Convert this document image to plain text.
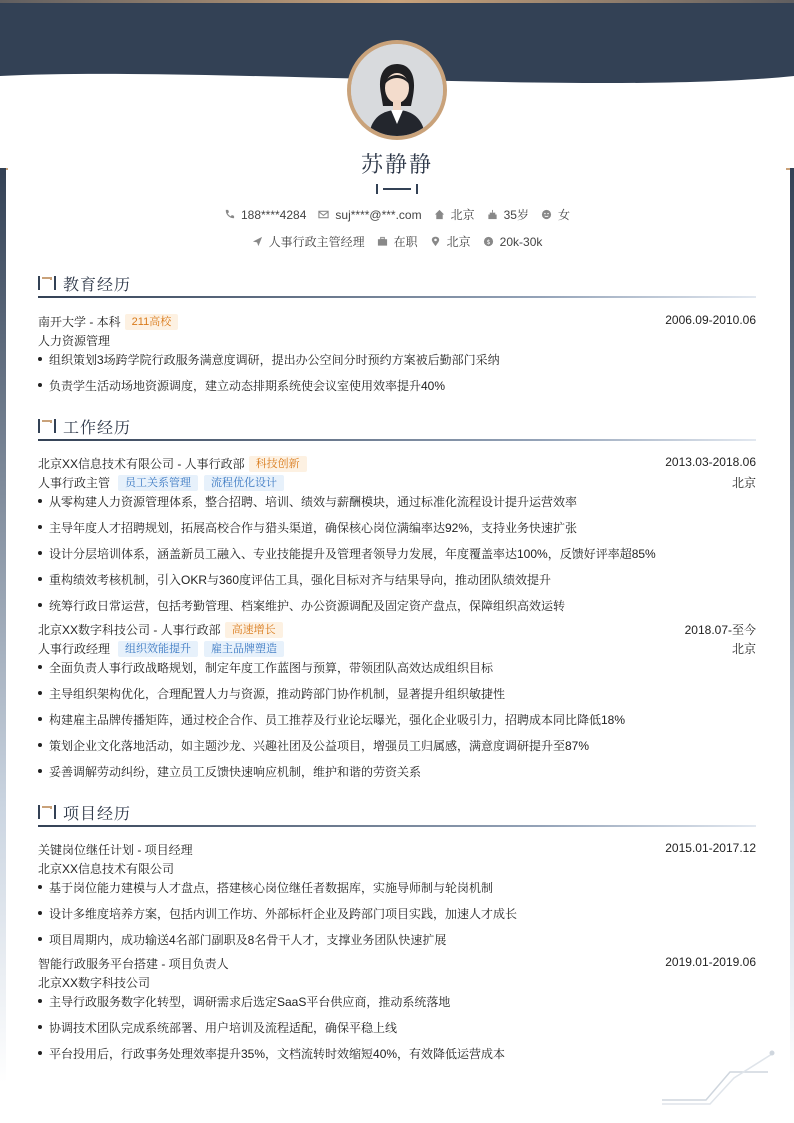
苏静静
188****4284 suj****@***.com 北京 35岁 女
人事行政主管经理 在职 北京 $ 20k-30k
教育经历
南开大学 - 本科	211高校	2006.09-2010.06
人力资源管理
组织策划3场跨学院行政服务满意度调研，提出办公空间分时预约方案被后勤部门采纳
负责学生活动场地资源调度，建立动态排期系统使会议室使用效率提升40%
工作经历
北京XX信息技术有限公司 - 人事行政部	科技创新	2013.03-2018.06
人事行政主管	员工关系管理	流程优化设计	北京
从零构建人力资源管理体系，整合招聘、培训、绩效与薪酬模块，通过标准化流程设计提升运营效率
主导年度人才招聘规划，拓展高校合作与猎头渠道，确保核心岗位满编率达92%，支持业务快速扩张
设计分层培训体系，涵盖新员工融入、专业技能提升及管理者领导力发展，年度覆盖率达100%，反馈好评率超85%
重构绩效考核机制，引入OKR与360度评估工具，强化目标对齐与结果导向，推动团队绩效提升
统筹行政日常运营，包括考勤管理、档案维护、办公资源调配及固定资产盘点，保障组织高效运转
北京XX数字科技公司 - 人事行政部	高速增长	2018.07-至今
人事行政经理	组织效能提升	雇主品牌塑造	北京
全面负责人事行政战略规划，制定年度工作蓝图与预算，带领团队高效达成组织目标
主导组织架构优化，合理配置人力与资源，推动跨部门协作机制，显著提升组织敏捷性
构建雇主品牌传播矩阵，通过校企合作、员工推荐及行业论坛曝光，强化企业吸引力，招聘成本同比降低18%
策划企业文化落地活动，如主题沙龙、兴趣社团及公益项目，增强员工归属感，满意度调研提升至87%
妥善调解劳动纠纷，建立员工反馈快速响应机制，维护和谐的劳资关系
项目经历
关键岗位继任计划 - 项目经理	2015.01-2017.12
北京XX信息技术有限公司
基于岗位能力建模与人才盘点，搭建核心岗位继任者数据库，实施导师制与轮岗机制
设计多维度培养方案，包括内训工作坊、外部标杆企业及跨部门项目实践，加速人才成长
项目周期内，成功输送4名部门副职及8名骨干人才，支撑业务团队快速扩展
智能行政服务平台搭建 - 项目负责人	2019.01-2019.06
北京XX数字科技公司
主导行政服务数字化转型，调研需求后选定SaaS平台供应商，推动系统落地
协调技术团队完成系统部署、用户培训及流程适配，确保平稳上线
平台投用后，行政事务处理效率提升35%，文档流转时效缩短40%，有效降低运营成本
